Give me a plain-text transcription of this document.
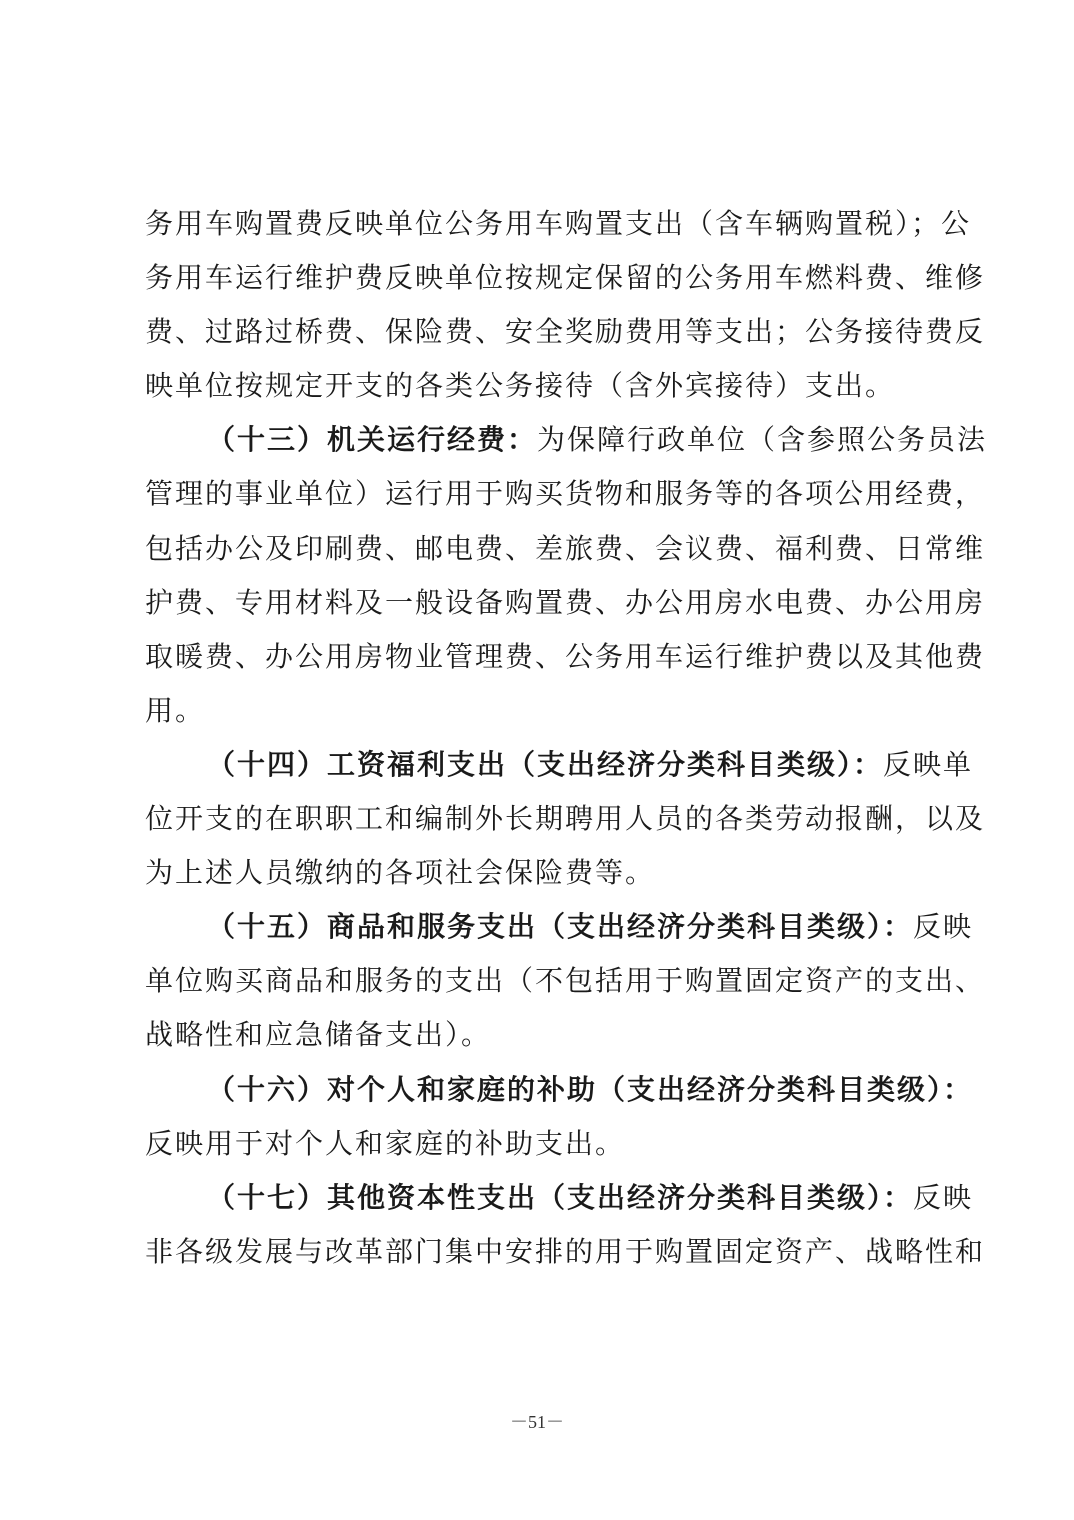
务用车购置费反映单位公务用车购置支出（含车辆购置税）；公
务用车运行维护费反映单位按规定保留的公务用车燃料费、维修
费、过路过桥费、保险费、安全奖励费用等支出；公务接待费反
映单位按规定开支的各类公务接待（含外宾接待）支出。
（十三）机关运行经费：为保障行政单位（含参照公务员法
管理的事业单位）运行用于购买货物和服务等的各项公用经费，
包括办公及印刷费、邮电费、差旅费、会议费、福利费、日常维
护费、专用材料及一般设备购置费、办公用房水电费、办公用房
取暖费、办公用房物业管理费、公务用车运行维护费以及其他费
用。
（十四）工资福利支出（支出经济分类科目类级）：反映单
位开支的在职职工和编制外长期聘用人员的各类劳动报酬，以及
为上述人员缴纳的各项社会保险费等。
（十五）商品和服务支出（支出经济分类科目类级）：反映
单位购买商品和服务的支出（不包括用于购置固定资产的支出、
战略性和应急储备支出）。
（十六）对个人和家庭的补助（支出经济分类科目类级）：
反映用于对个人和家庭的补助支出。
（十七）其他资本性支出（支出经济分类科目类级）：反映
非各级发展与改革部门集中安排的用于购置固定资产、战略性和
－51－
